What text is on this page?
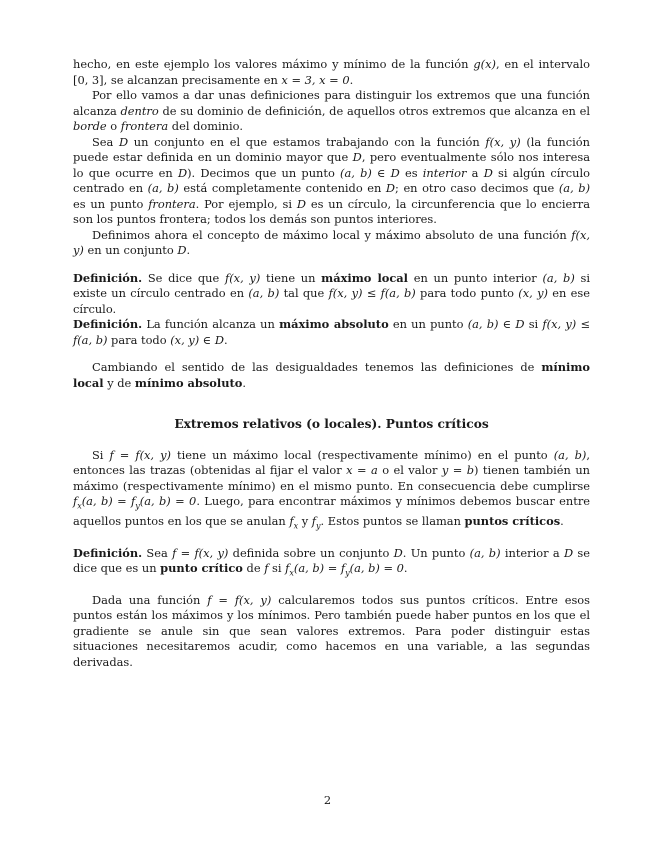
hecho, en este ejemplo los valores máximo y mínimo de la función g(x), en el intervalo [0, 3], se alcanzan precisamente en x = 3, x = 0.

Por ello vamos a dar unas definiciones para distinguir los extremos que una función alcanza dentro de su dominio de definición, de aquellos otros extremos que alcanza en el borde o frontera del dominio.

Sea D un conjunto en el que estamos trabajando con la función f(x, y) (la función puede estar definida en un dominio mayor que D, pero eventualmente sólo nos interesa lo que ocurre en D). Decimos que un punto (a, b) ∈ D es interior a D si algún círculo centrado en (a, b) está completamente contenido en D; en otro caso decimos que (a, b) es un punto frontera. Por ejemplo, si D es un círculo, la circunferencia que lo encierra son los puntos frontera; todos los demás son puntos interiores.

Definimos ahora el concepto de máximo local y máximo absoluto de una función f(x, y) en un conjunto D.

Definición. Se dice que f(x, y) tiene un máximo local en un punto interior (a, b) si existe un círculo centrado en (a, b) tal que f(x, y) ≤ f(a, b) para todo punto (x, y) en ese círculo.

Definición. La función alcanza un máximo absoluto en un punto (a, b) ∈ D si f(x, y) ≤ f(a, b) para todo (x, y) ∈ D.

Cambiando el sentido de las desigualdades tenemos las definiciones de mínimo local y de mínimo absoluto.

Extremos relativos (o locales). Puntos críticos

Si f = f(x, y) tiene un máximo local (respectivamente mínimo) en el punto (a, b), entonces las trazas (obtenidas al fijar el valor x = a o el valor y = b) tienen también un máximo (respectivamente mínimo) en el mismo punto. En consecuencia debe cumplirse $f_x(a$, $b) = f_y(a$, b) = 0. Luego, para encontrar máximos y mínimos debemos buscar entre aquellos puntos en los que se anulan $f_x$ y $f_y$. Estos puntos se llaman puntos críticos.

Definición. Sea f = f(x, y) definida sobre un conjunto D. Un punto (a, b) interior a D se dice que es un punto crítico de f si $f_x(a$, $b) = f_y(a$, b) = 0.

Dada una función f = f(x, y) calcularemos todos sus puntos críticos. Entre esos puntos están los máximos y los mínimos. Pero también puede haber puntos en los que el gradiente se anule sin que sean valores extremos. Para poder distinguir estas situaciones necesitaremos acudir, como hacemos en una variable, a las segundas derivadas.

2
